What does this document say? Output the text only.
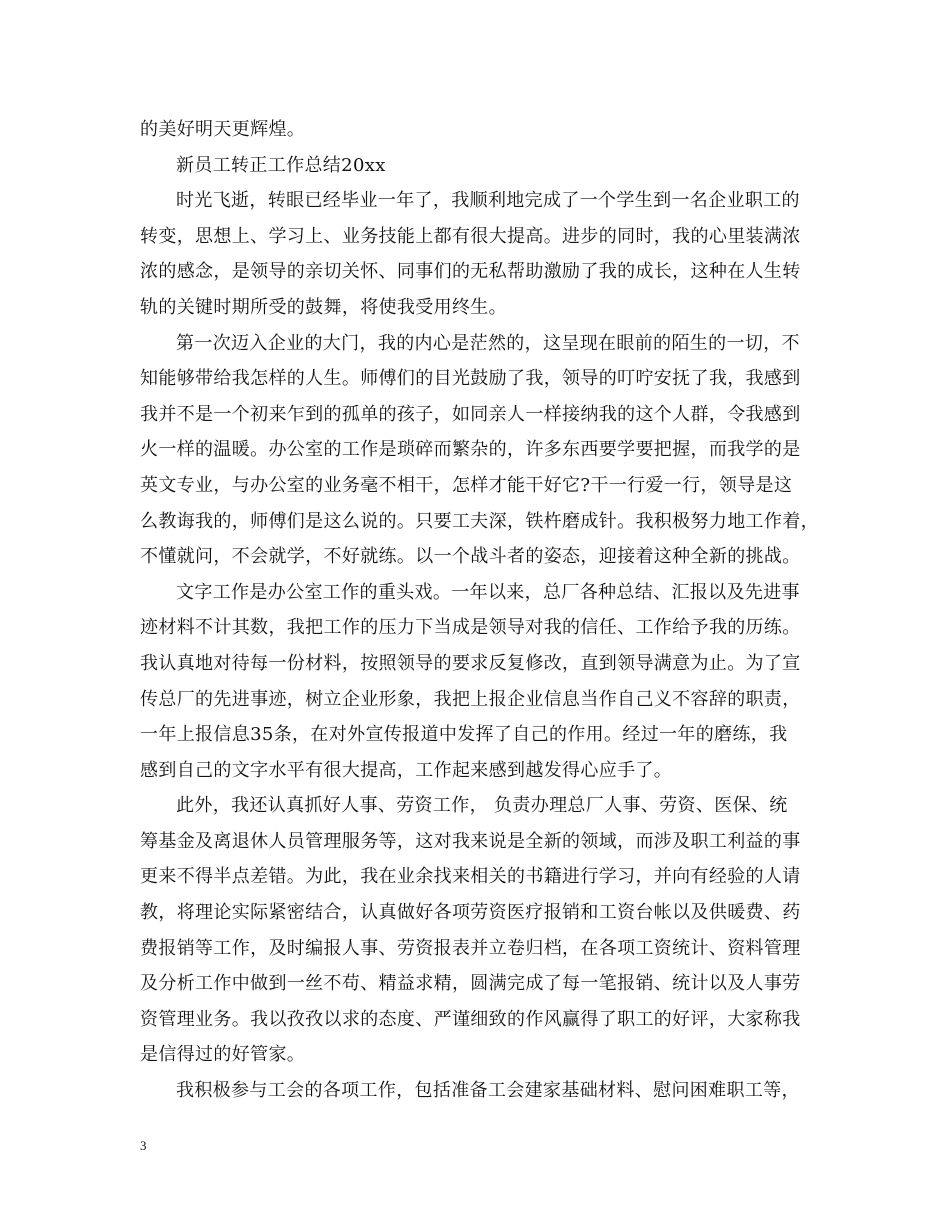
的美好明天更辉煌。
新员工转正工作总结20xx
时光飞逝，转眼已经毕业一年了，我顺利地完成了一个学生到一名企业职工的
转变，思想上、学习上、业务技能上都有很大提高。进步的同时，我的心里装满浓
浓的感念，是领导的亲切关怀、同事们的无私帮助激励了我的成长，这种在人生转
轨的关键时期所受的鼓舞，将使我受用终生。
第一次迈入企业的大门，我的内心是茫然的，这呈现在眼前的陌生的一切，不
知能够带给我怎样的人生。师傅们的目光鼓励了我，领导的叮咛安抚了我，我感到
我并不是一个初来乍到的孤单的孩子，如同亲人一样接纳我的这个人群，令我感到
火一样的温暖。办公室的工作是琐碎而繁杂的，许多东西要学要把握，而我学的是
英文专业，与办公室的业务毫不相干，怎样才能干好它?干一行爱一行，领导是这
么教诲我的，师傅们是这么说的。只要工夫深，铁杵磨成针。我积极努力地工作着，
不懂就问，不会就学，不好就练。以一个战斗者的姿态，迎接着这种全新的挑战。
文字工作是办公室工作的重头戏。一年以来，总厂各种总结、汇报以及先进事
迹材料不计其数，我把工作的压力下当成是领导对我的信任、工作给予我的历练。
我认真地对待每一份材料，按照领导的要求反复修改，直到领导满意为止。为了宣
传总厂的先进事迹，树立企业形象，我把上报企业信息当作自己义不容辞的职责，
一年上报信息35条，在对外宣传报道中发挥了自己的作用。经过一年的磨练，我
感到自己的文字水平有很大提高，工作起来感到越发得心应手了。
此外，我还认真抓好人事、劳资工作， 负责办理总厂人事、劳资、医保、统
筹基金及离退休人员管理服务等，这对我来说是全新的领域，而涉及职工利益的事
更来不得半点差错。为此，我在业余找来相关的书籍进行学习，并向有经验的人请
教，将理论实际紧密结合，认真做好各项劳资医疗报销和工资台帐以及供暖费、药
费报销等工作，及时编报人事、劳资报表并立卷归档，在各项工资统计、资料管理
及分析工作中做到一丝不苟、精益求精，圆满完成了每一笔报销、统计以及人事劳
资管理业务。我以孜孜以求的态度、严谨细致的作风赢得了职工的好评，大家称我
是信得过的好管家。
我积极参与工会的各项工作，包括准备工会建家基础材料、慰问困难职工等，
3
